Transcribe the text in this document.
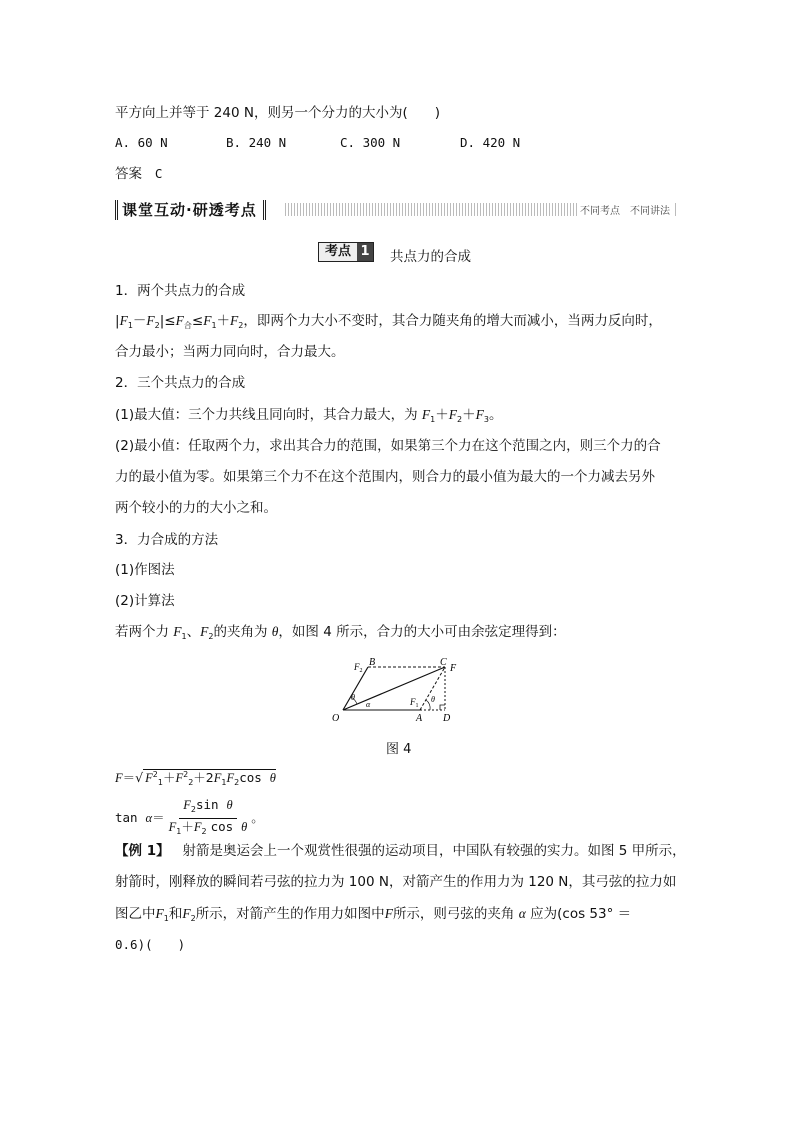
平方向上并等于 240 N，则另一个分力的大小为(　　)
A. 60 N	B. 240 N	C. 300 N	D. 420 N
答案 C
课堂互动·研透考点	不同考点　不同讲法
考点 1 共点力的合成
1．两个共点力的合成
$|F_1-F_2|\le F_合\le F_1+F_2$，即两个力大小不变时，其合力随夹角的增大而减小，当两力反向时，
合力最小；当两力同向时，合力最大。
2．三个共点力的合成
(1)最大值：三个力共线且同向时，其合力最大，为 $F_1+F_2+F_3$。
(2)最小值：任取两个力，求出其合力的范围，如果第三个力在这个范围之内，则三个力的合
力的最小值为零。如果第三个力不在这个范围内，则合力的最小值为最大的一个力减去另外
两个较小的力的大小之和。
3．力合成的方法
(1)作图法
(2)计算法
若两个力 $F_1$、$F_2$的夹角为 θ，如图 4 所示，合力的大小可由余弦定理得到：
O	A D
B	C
F
$F_2$
$F_1$
θ
α
θ
图 4
F＝√ $F^2_1+F^2_2+2F_1F_2\cos$ θ
$\tan \alpha= \frac{F_2\sin \theta}{F_1+F_2 \cos \theta}$ 。
【例 1】 射箭是奥运会上一个观赏性很强的运动项目，中国队有较强的实力。如图 5 甲所示，
射箭时，刚释放的瞬间若弓弦的拉力为 100 N，对箭产生的作用力为 120 N，其弓弦的拉力如
图乙中$F_1$和$F_2$所示，对箭产生的作用力如图中F所示，则弓弦的夹角 α 应为(cos 53° ＝
0.6)(　　)
